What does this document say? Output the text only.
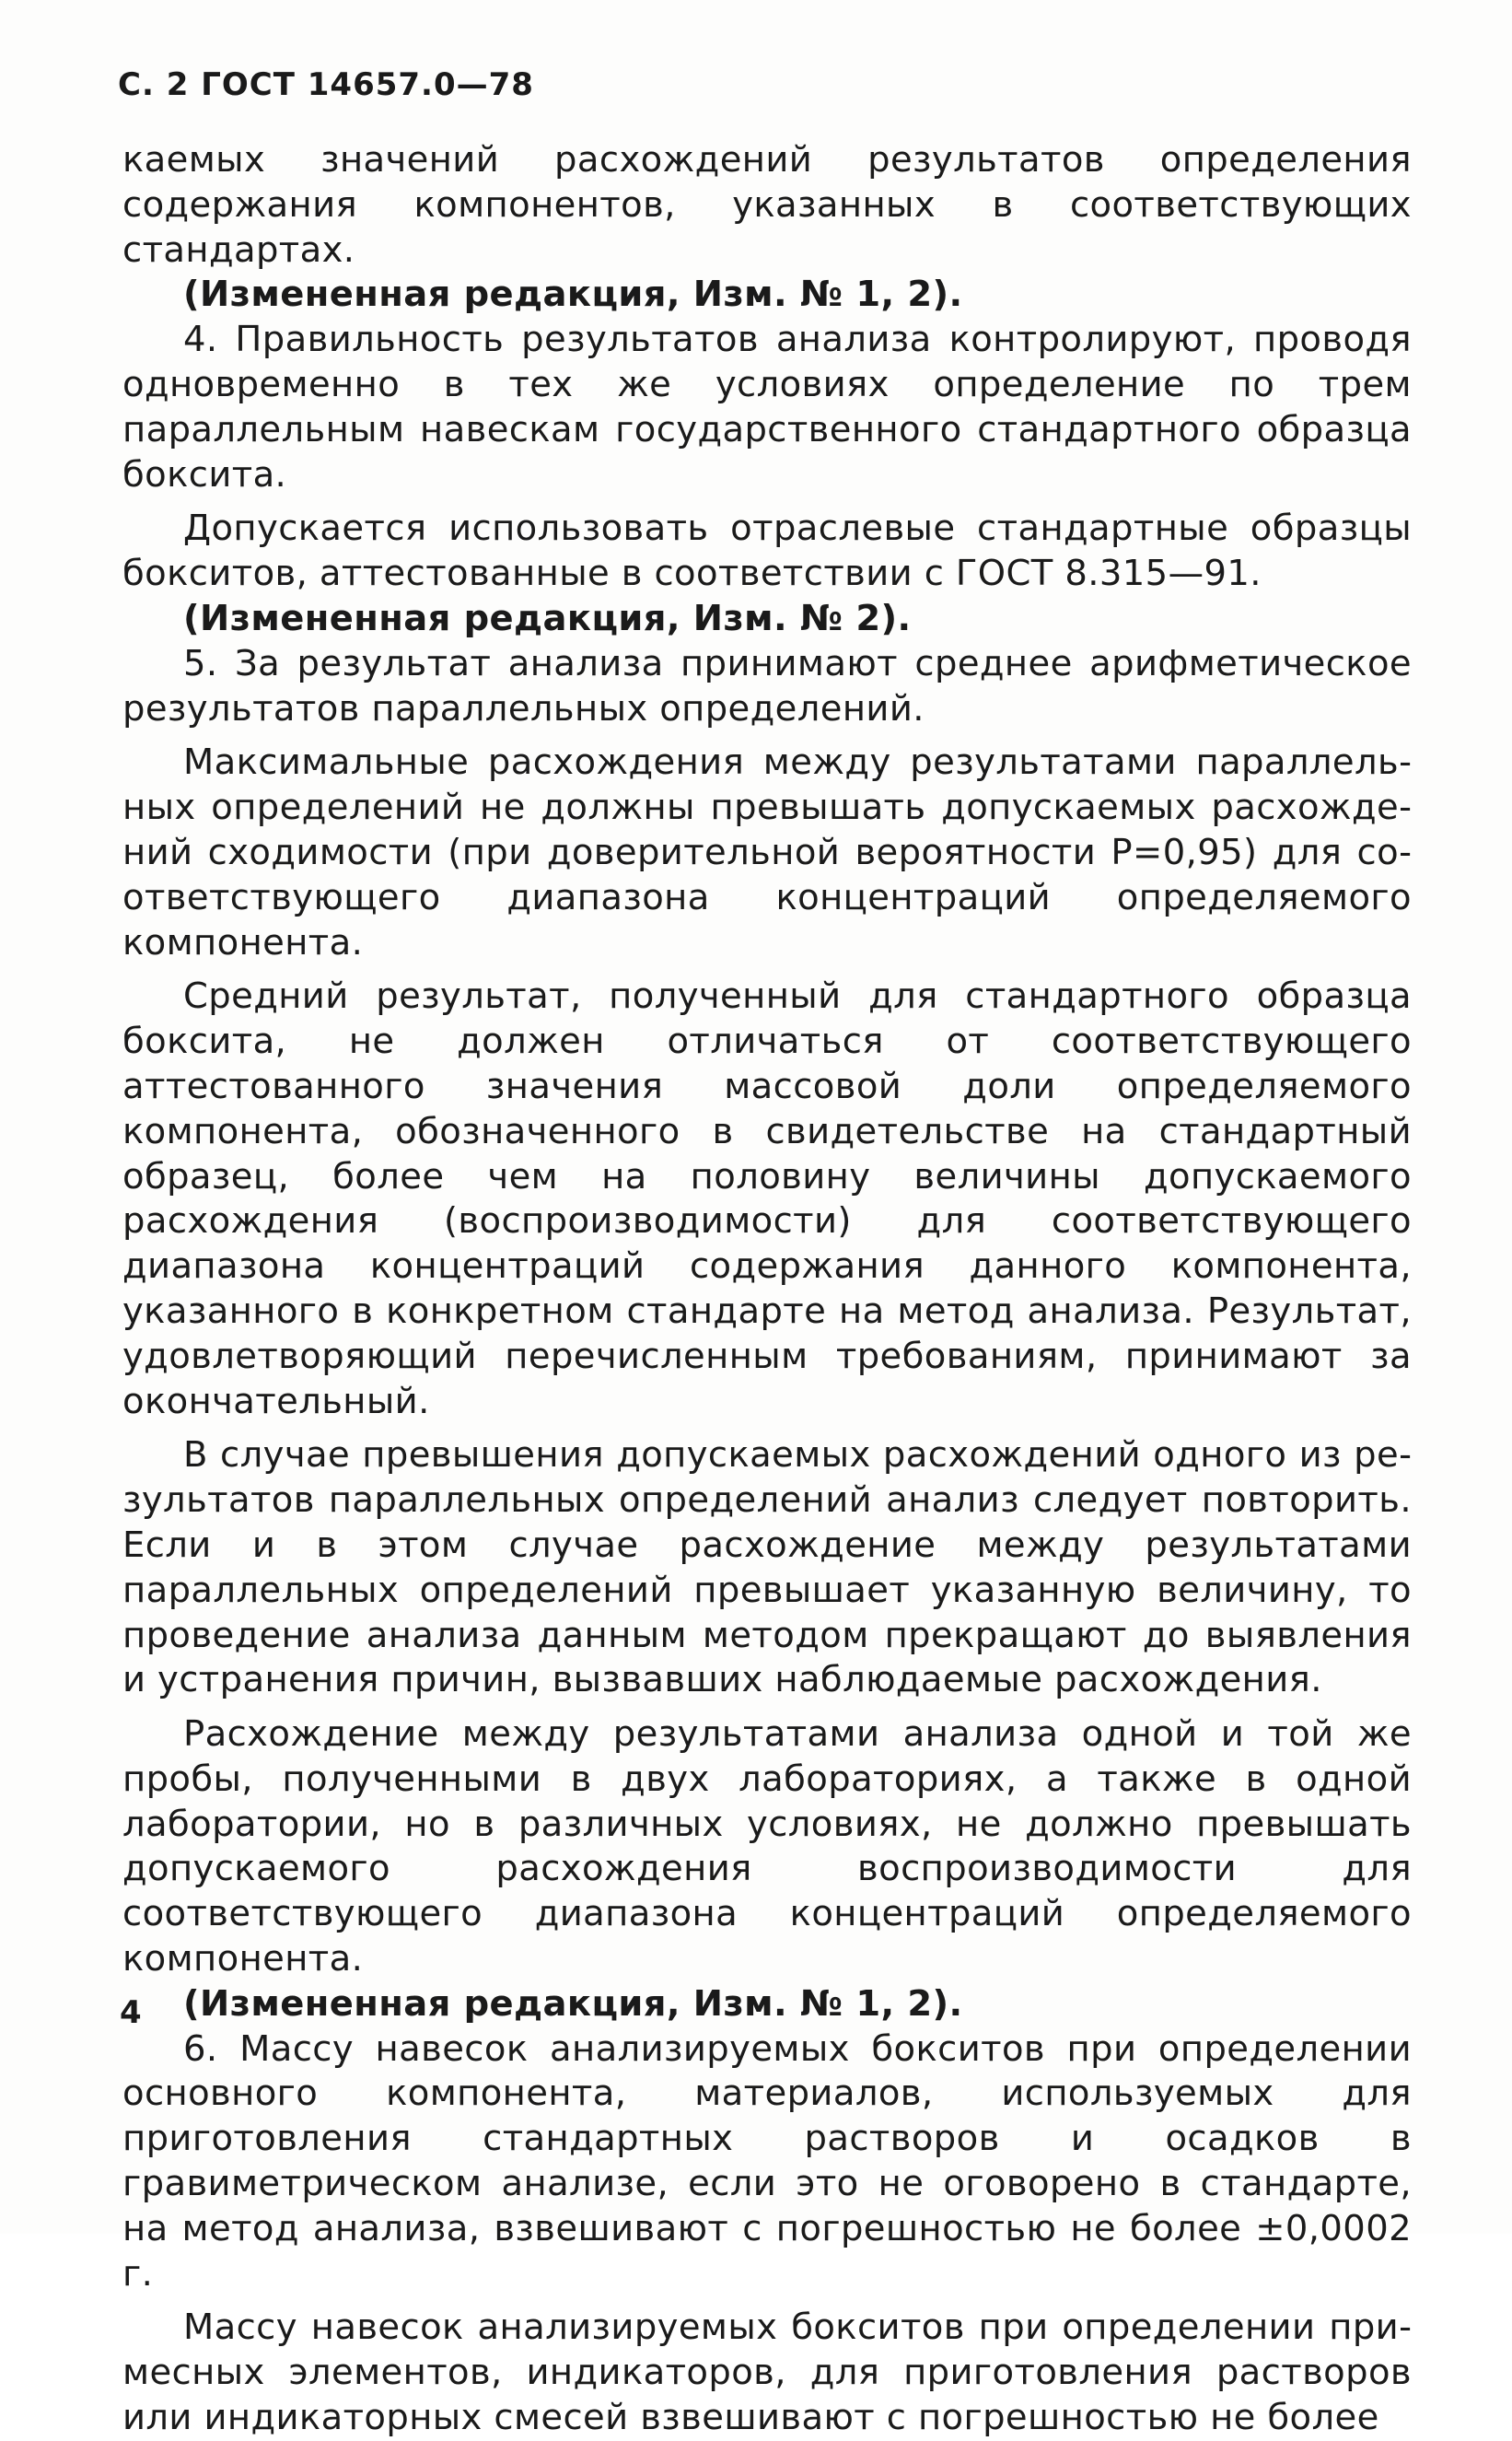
С. 2 ГОСТ 14657.0—78

каемых значений расхождений результатов определения содержания компонентов, указанных в соответствующих стандартах.

(Измененная редакция, Изм. № 1, 2).

4. Правильность результатов анализа контролируют, проводя одновременно в тех же условиях определение по трем параллельным навескам государственного стандартного образца боксита.

Допускается использовать отраслевые стандартные образцы бокситов, аттестованные в соответствии с ГОСТ 8.315—91.

(Измененная редакция, Изм. № 2).

5. За результат анализа принимают среднее арифметическое результатов параллельных определений.

Максимальные расхождения между результатами параллельных определений не должны превышать допускаемых расхождений сходимости (при доверительной вероятности P=0,95) для соответствующего диапазона концентраций определяемого компонента.

Средний результат, полученный для стандартного образца боксита, не должен отличаться от соответствующего аттестованного значения массовой доли определяемого компонента, обозначенного в свидетельстве на стандартный образец, более чем на половину величины допускаемого расхождения (воспроизводимости) для соответствующего диапазона концентраций содержания данного компонента, указанного в конкретном стандарте на метод анализа. Результат, удовлетворяющий перечисленным требованиям, принимают за окончательный.

В случае превышения допускаемых расхождений одного из результатов параллельных определений анализ следует повторить. Если и в этом случае расхождение между результатами параллельных определений превышает указанную величину, то проведение анализа данным методом прекращают до выявления и устранения причин, вызвавших наблюдаемые расхождения.

Расхождение между результатами анализа одной и той же пробы, полученными в двух лабораториях, а также в одной лаборатории, но в различных условиях, не должно превышать допускаемого расхождения воспроизводимости для соответствующего диапазона концентраций определяемого компонента.

(Измененная редакция, Изм. № 1, 2).

6. Массу навесок анализируемых бокситов при определении основного компонента, материалов, используемых для приготовления стандартных растворов и осадков в гравиметрическом анализе, если это не оговорено в стандарте, на метод анализа, взвешивают с погрешностью не более ±0,0002 г.

Массу навесок анализируемых бокситов при определении примесных элементов, индикаторов, для приготовления растворов или индикаторных смесей взвешивают с погрешностью не более

4
